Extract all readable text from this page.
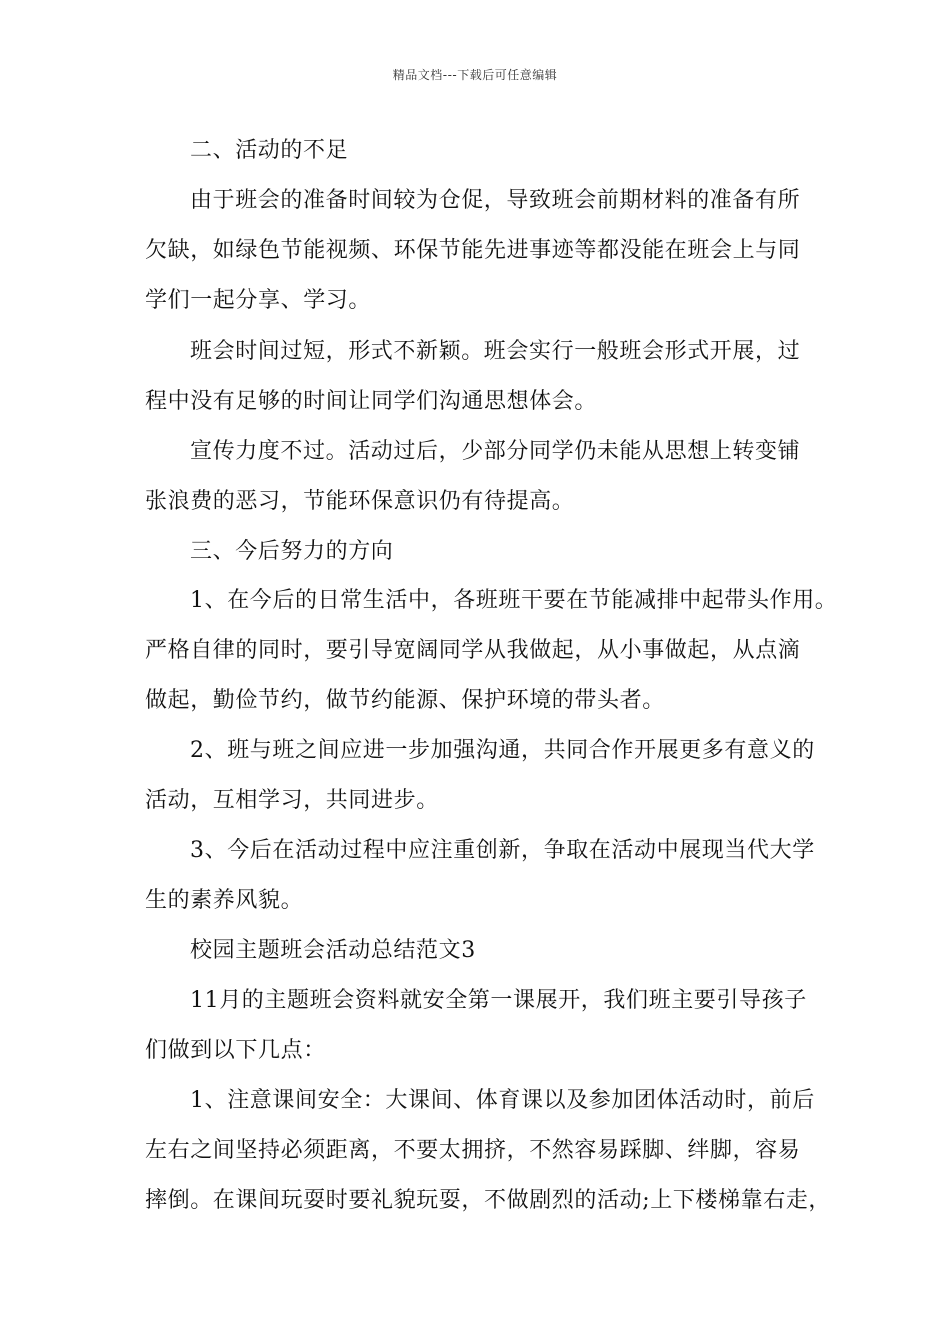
精品文档---下载后可任意编辑
二、活动的不足
由于班会的准备时间较为仓促，导致班会前期材料的准备有所
欠缺，如绿色节能视频、环保节能先进事迹等都没能在班会上与同
学们一起分享、学习。
班会时间过短，形式不新颖。班会实行一般班会形式开展，过
程中没有足够的时间让同学们沟通思想体会。
宣传力度不过。活动过后，少部分同学仍未能从思想上转变铺
张浪费的恶习，节能环保意识仍有待提高。
三、今后努力的方向
1、在今后的日常生活中，各班班干要在节能减排中起带头作用。
严格自律的同时，要引导宽阔同学从我做起，从小事做起，从点滴
做起，勤俭节约，做节约能源、保护环境的带头者。
2、班与班之间应进一步加强沟通，共同合作开展更多有意义的
活动，互相学习，共同进步。
3、今后在活动过程中应注重创新，争取在活动中展现当代大学
生的素养风貌。
校园主题班会活动总结范文3
11月的主题班会资料就安全第一课展开，我们班主要引导孩子
们做到以下几点：
1、注意课间安全：大课间、体育课以及参加团体活动时，前后
左右之间坚持必须距离，不要太拥挤，不然容易踩脚、绊脚，容易
摔倒。在课间玩耍时要礼貌玩耍，不做剧烈的活动;上下楼梯靠右走，
